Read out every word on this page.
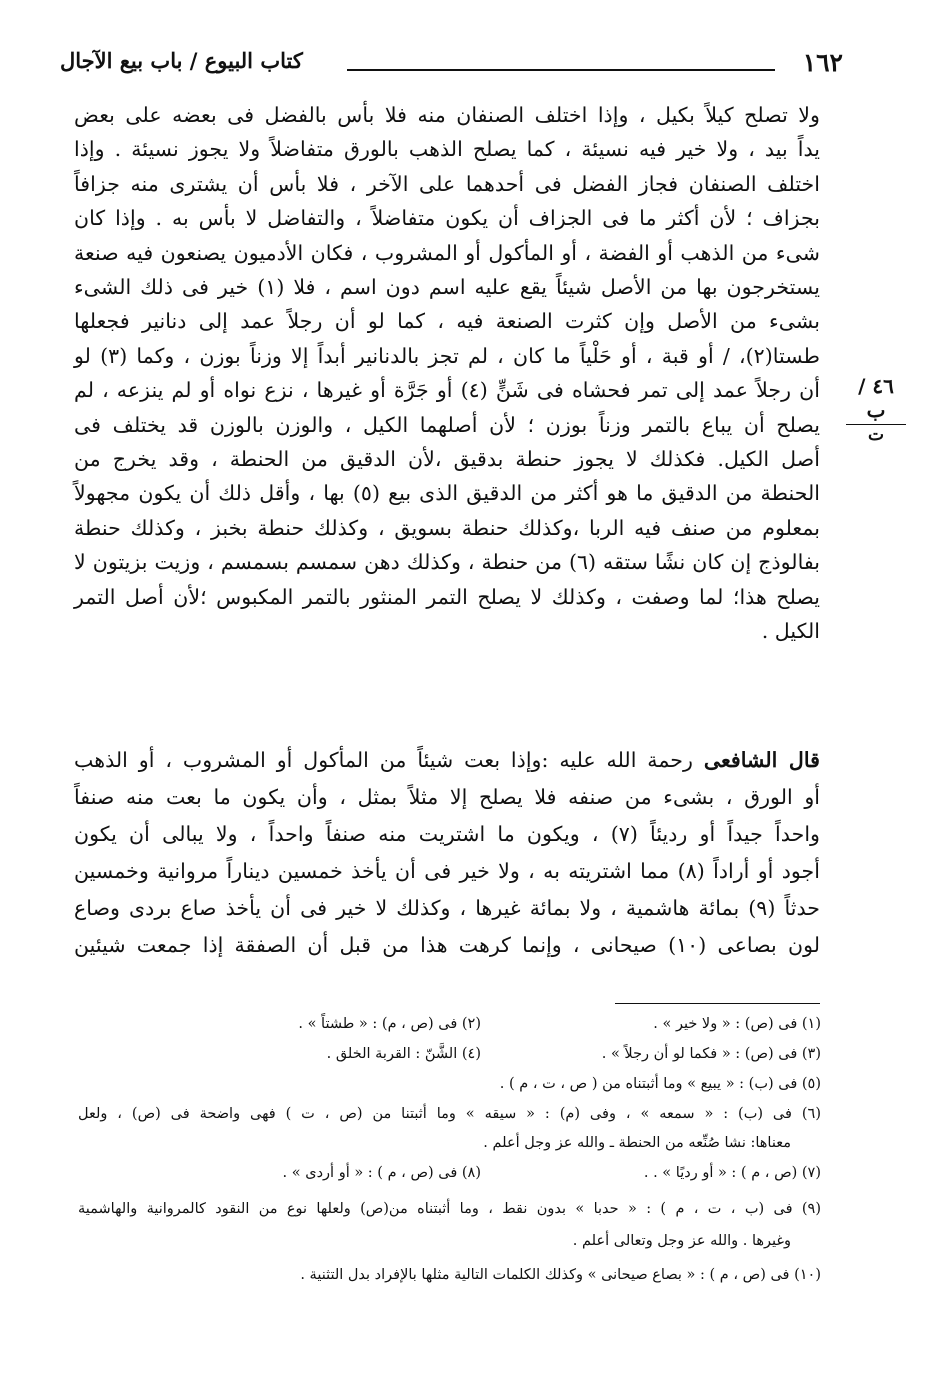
١٦٢
كتاب البيوع / باب بيع الآجال
٤٦ / ب
ت
ولا تصلح كيلاً بكيل ، وإذا اختلف الصنفان منه فلا بأس بالفضل فى بعضه على بعض
يداً بيد ، ولا خير فيه نسيئة ، كما يصلح الذهب بالورق متفاضلاً ولا يجوز نسيئة . وإذا
اختلف الصنفان فجاز الفضل فى أحدهما على الآخر ، فلا بأس أن يشترى منه جزافاً
بجزاف ؛ لأن أكثر ما فى الجزاف أن يكون متفاضلاً ، والتفاضل لا بأس به . وإذا كان
شىء من الذهب أو الفضة ، أو المأكول أو المشروب ، فكان الأدميون يصنعون فيه صنعة
يستخرجون بها من الأصل شيئاً يقع عليه اسم دون اسم ، فلا (١) خير فى ذلك الشىء
بشىء من الأصل وإن كثرت الصنعة فيه ، كما لو أن رجلاً عمد إلى دنانير فجعلها
طستا(٢)، / أو قبة ، أو حَلْياً ما كان ، لم تجز بالدنانير أبداً إلا وزناً بوزن ، وكما (٣) لو
أن رجلاً عمد إلى تمر فحشاه فى شَنٍّ (٤) أو جَرَّة أو غيرها ، نزع نواه أو لم ينزعه ، لم
يصلح أن يباع بالتمر وزناً بوزن ؛ لأن أصلهما الكيل ، والوزن بالوزن قد يختلف فى
أصل الكيل. فكذلك لا يجوز حنطة بدقيق ،لأن الدقيق من الحنطة ، وقد يخرج من
الحنطة من الدقيق ما هو أكثر من الدقيق الذى بيع (٥) بها ، وأقل ذلك أن يكون مجهولاً
بمعلوم من صنف فيه الربا ،وكذلك حنطة بسويق ، وكذلك حنطة بخبز ، وكذلك حنطة
بفالوذج إن كان نشًا ستقه (٦) من حنطة ، وكذلك دهن سمسم بسمسم ، وزيت بزيتون لا
يصلح هذا؛ لما وصفت ، وكذلك لا يصلح التمر المنثور بالتمر المكبوس ؛لأن أصل التمر
الكيل .
قال الشافعى رحمة الله عليه :وإذا بعت شيئاً من المأكول أو المشروب ، أو الذهب
أو الورق ، بشىء من صنفه فلا يصلح إلا مثلاً بمثل ، وأن يكون ما بعت منه صنفاً
واحداً جيداً أو رديئاً (٧) ، ويكون ما اشتريت منه صنفاً واحداً ، ولا يبالى أن يكون
أجود أو أراداً (٨) مما اشتريته به ، ولا خير فى أن يأخذ خمسين ديناراً مروانية وخمسين
حدثاً (٩) بمائة هاشمية ، ولا بمائة غيرها ، وكذلك لا خير فى أن يأخذ صاع بردى وصاع
لون بصاعى (١٠) صيحانى ، وإنما كرهت هذا من قبل أن الصفقة إذا جمعت شيئين
(١) فى (ص) : « ولا خير » .
(٢) فى (ص ، م) : « طشتاً » .
(٣) فى (ص) : « فكما لو أن رجلاً » .
(٤) الشَّنّ : القربة الخلق .
(٥) فى (ب) : « يبيع » وما أثبتناه من ( ص ، ت ، م ) .
(٦) فى (ب) : « سمعه » ، وفى (م) : « سيقه » وما أثبتنا من (ص ، ت ) فهى واضحة فى (ص) ، ولعل
معناها: نشا صُنِّعه من الحنطة ـ والله عز وجل أعلم .
(٧) (ص ، م ) : « أو رديًا » . .
(٨) فى (ص ، م ) : « أو أردى » .
(٩) فى (ب ، ت ، م ) : « حدبا » بدون نقط ، وما أثبتناه من(ص) ولعلها نوع من النقود كالمروانية والهاشمية
وغيرها . والله عز وجل وتعالى أعلم .
(١٠) فى (ص ، م ) : « بصاع صيحانى » وكذلك الكلمات التالية مثلها بالإفراد بدل التثنية .
